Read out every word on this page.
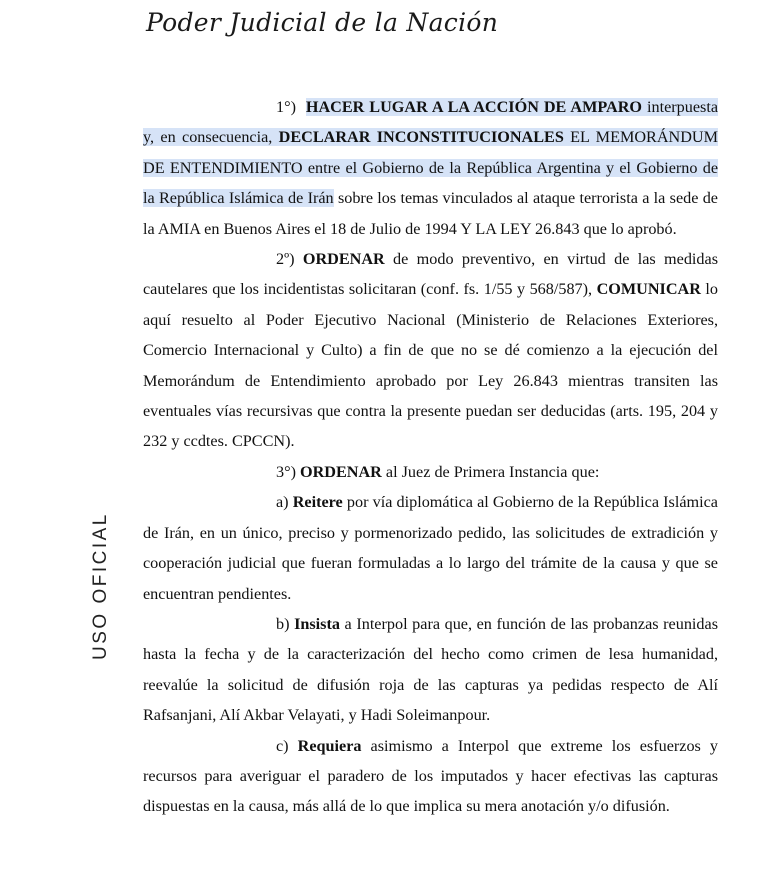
Poder Judicial de la Nación
USO OFICIAL

1°) HACER LUGAR A LA ACCIÓN DE AMPARO interpuesta y, en consecuencia, DECLARAR INCONSTITUCIONALES EL MEMORÁNDUM DE ENTENDIMIENTO entre el Gobierno de la República Argentina y el Gobierno de la República Islámica de Irán sobre los temas vinculados al ataque terrorista a la sede de la AMIA en Buenos Aires el 18 de Julio de 1994 Y LA LEY 26.843 que lo aprobó.

2º) ORDENAR de modo preventivo, en virtud de las medidas cautelares que los incidentistas solicitaran (conf. fs. 1/55 y 568/587), COMUNICAR lo aquí resuelto al Poder Ejecutivo Nacional (Ministerio de Relaciones Exteriores, Comercio Internacional y Culto) a fin de que no se dé comienzo a la ejecución del Memorándum de Entendimiento aprobado por Ley 26.843 mientras transiten las eventuales vías recursivas que contra la presente puedan ser deducidas (arts. 195, 204 y 232 y ccdtes. CPCCN).

3°) ORDENAR al Juez de Primera Instancia que:

a) Reitere por vía diplomática al Gobierno de la República Islámica de Irán, en un único, preciso y pormenorizado pedido, las solicitudes de extradición y cooperación judicial que fueran formuladas a lo largo del trámite de la causa y que se encuentran pendientes.

b) Insista a Interpol para que, en función de las probanzas reunidas hasta la fecha y de la caracterización del hecho como crimen de lesa humanidad, reevalúe la solicitud de difusión roja de las capturas ya pedidas respecto de Alí Rafsanjani, Alí Akbar Velayati, y Hadi Soleimanpour.

c) Requiera asimismo a Interpol que extreme los esfuerzos y recursos para averiguar el paradero de los imputados y hacer efectivas las capturas dispuestas en la causa, más allá de lo que implica su mera anotación y/o difusión.
